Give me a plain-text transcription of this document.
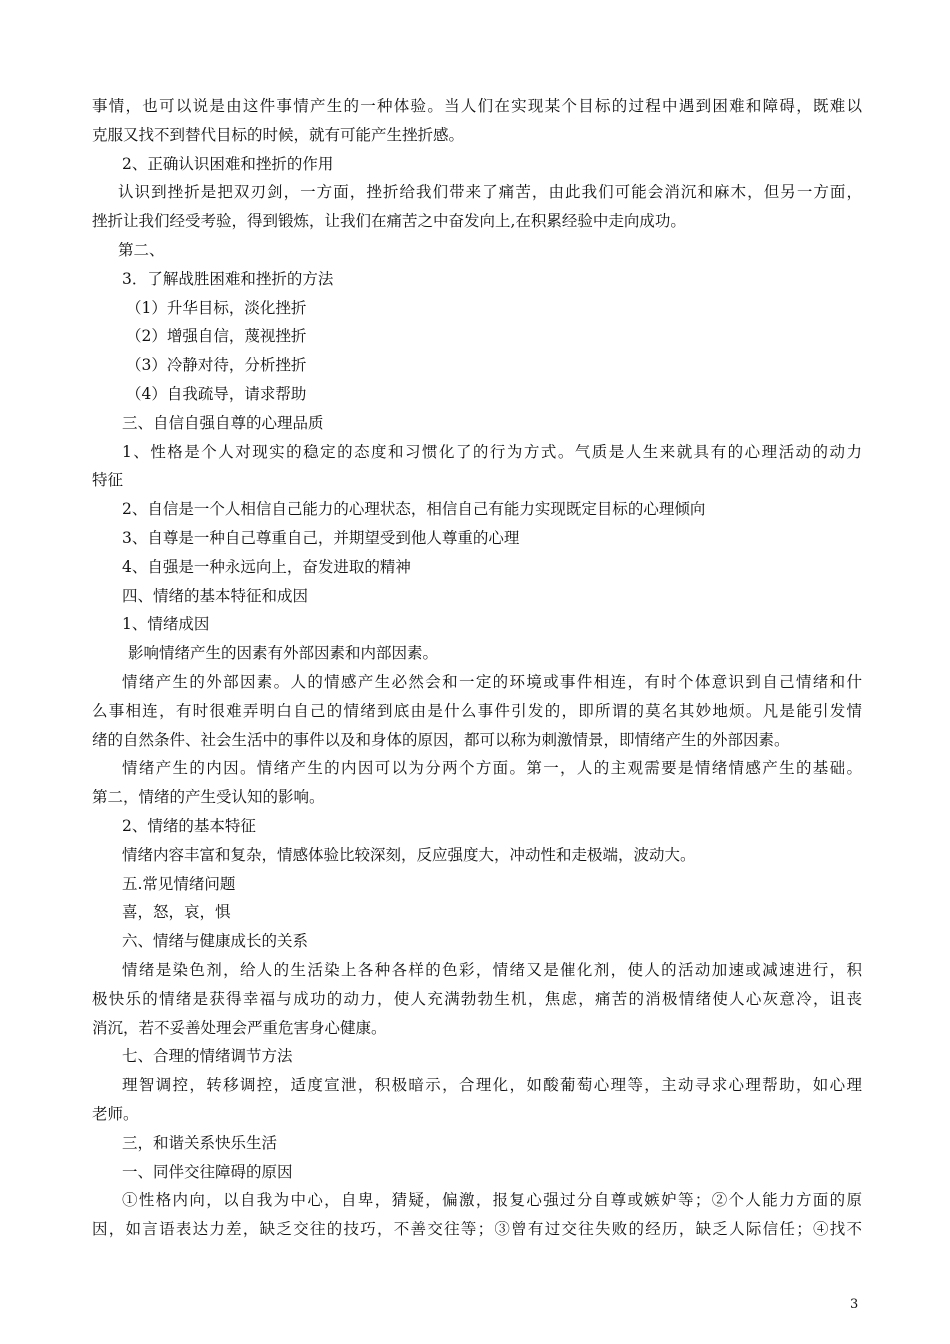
事情，也可以说是由这件事情产生的一种体验。当人们在实现某个目标的过程中遇到困难和障碍，既难以
克服又找不到替代目标的时候，就有可能产生挫折感。
2、正确认识困难和挫折的作用
认识到挫折是把双刃剑，一方面，挫折给我们带来了痛苦，由此我们可能会消沉和麻木，但另一方面，
挫折让我们经受考验，得到锻炼，让我们在痛苦之中奋发向上,在积累经验中走向成功。
第二、
3．了解战胜困难和挫折的方法
（1）升华目标，淡化挫折
（2）增强自信，蔑视挫折
（3）冷静对待，分析挫折
（4）自我疏导，请求帮助
三、自信自强自尊的心理品质
1、性格是个人对现实的稳定的态度和习惯化了的行为方式。气质是人生来就具有的心理活动的动力
特征
2、自信是一个人相信自己能力的心理状态，相信自己有能力实现既定目标的心理倾向
3、自尊是一种自己尊重自己，并期望受到他人尊重的心理
4、自强是一种永远向上，奋发进取的精神
四、情绪的基本特征和成因
1、情绪成因
影响情绪产生的因素有外部因素和内部因素。
情绪产生的外部因素。人的情感产生必然会和一定的环境或事件相连，有时个体意识到自己情绪和什
么事相连，有时很难弄明白自己的情绪到底由是什么事件引发的，即所谓的莫名其妙地烦。凡是能引发情
绪的自然条件、社会生活中的事件以及和身体的原因，都可以称为刺激情景，即情绪产生的外部因素。
情绪产生的内因。情绪产生的内因可以为分两个方面。第一，人的主观需要是情绪情感产生的基础。
第二，情绪的产生受认知的影响。
2、情绪的基本特征
情绪内容丰富和复杂，情感体验比较深刻，反应强度大，冲动性和走极端，波动大。
五.常见情绪问题
喜，怒，哀，惧
六、情绪与健康成长的关系
情绪是染色剂，给人的生活染上各种各样的色彩，情绪又是催化剂，使人的活动加速或减速进行，积
极快乐的情绪是获得幸福与成功的动力，使人充满勃勃生机，焦虑，痛苦的消极情绪使人心灰意冷，诅丧
消沉，若不妥善处理会严重危害身心健康。
七、合理的情绪调节方法
理智调控，转移调控，适度宣泄，积极暗示，合理化，如酸葡萄心理等，主动寻求心理帮助，如心理
老师。
三，和谐关系快乐生活
一、同伴交往障碍的原因
①性格内向，以自我为中心，自卑，猜疑，偏激，报复心强过分自尊或嫉妒等；②个人能力方面的原
因，如言语表达力差，缺乏交往的技巧，不善交往等；③曾有过交往失败的经历，缺乏人际信任；④找不
3
